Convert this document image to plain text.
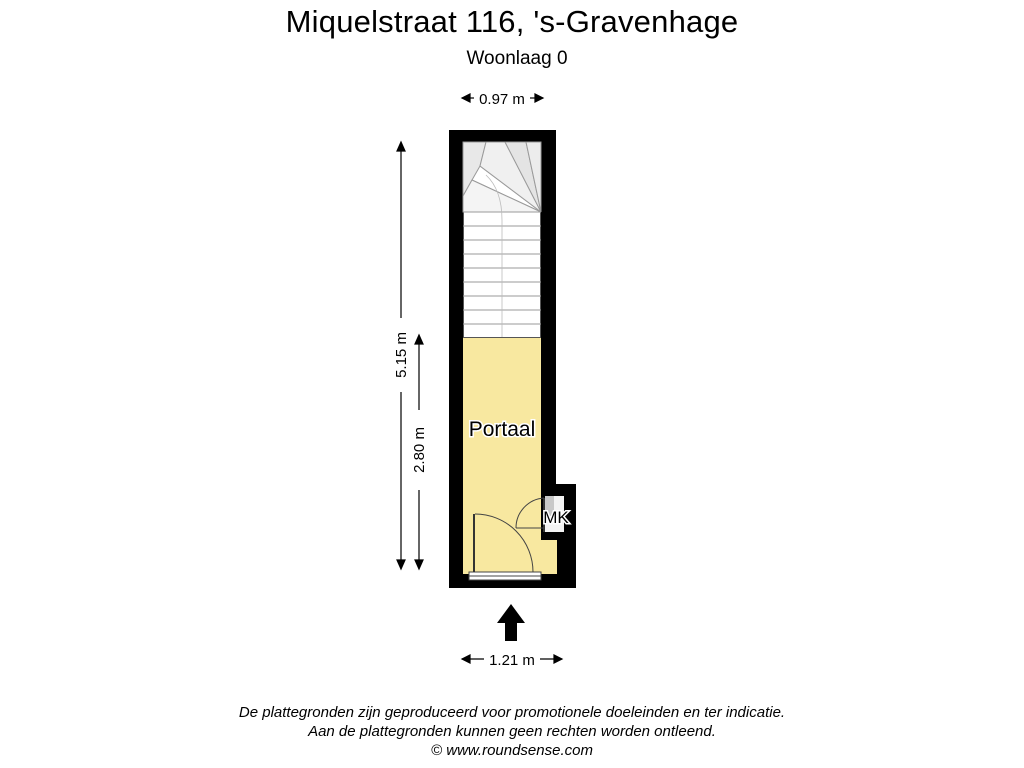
Miquelstraat 116, 's-Gravenhage
Woonlaag 0
0.97 m
1.21 m
5.15 m
2.80 m Portaal
MK
De plattegronden zijn geproduceerd voor promotionele doeleinden en ter indicatie.
Aan de plattegronden kunnen geen rechten worden ontleend.
© www.roundsense.com
